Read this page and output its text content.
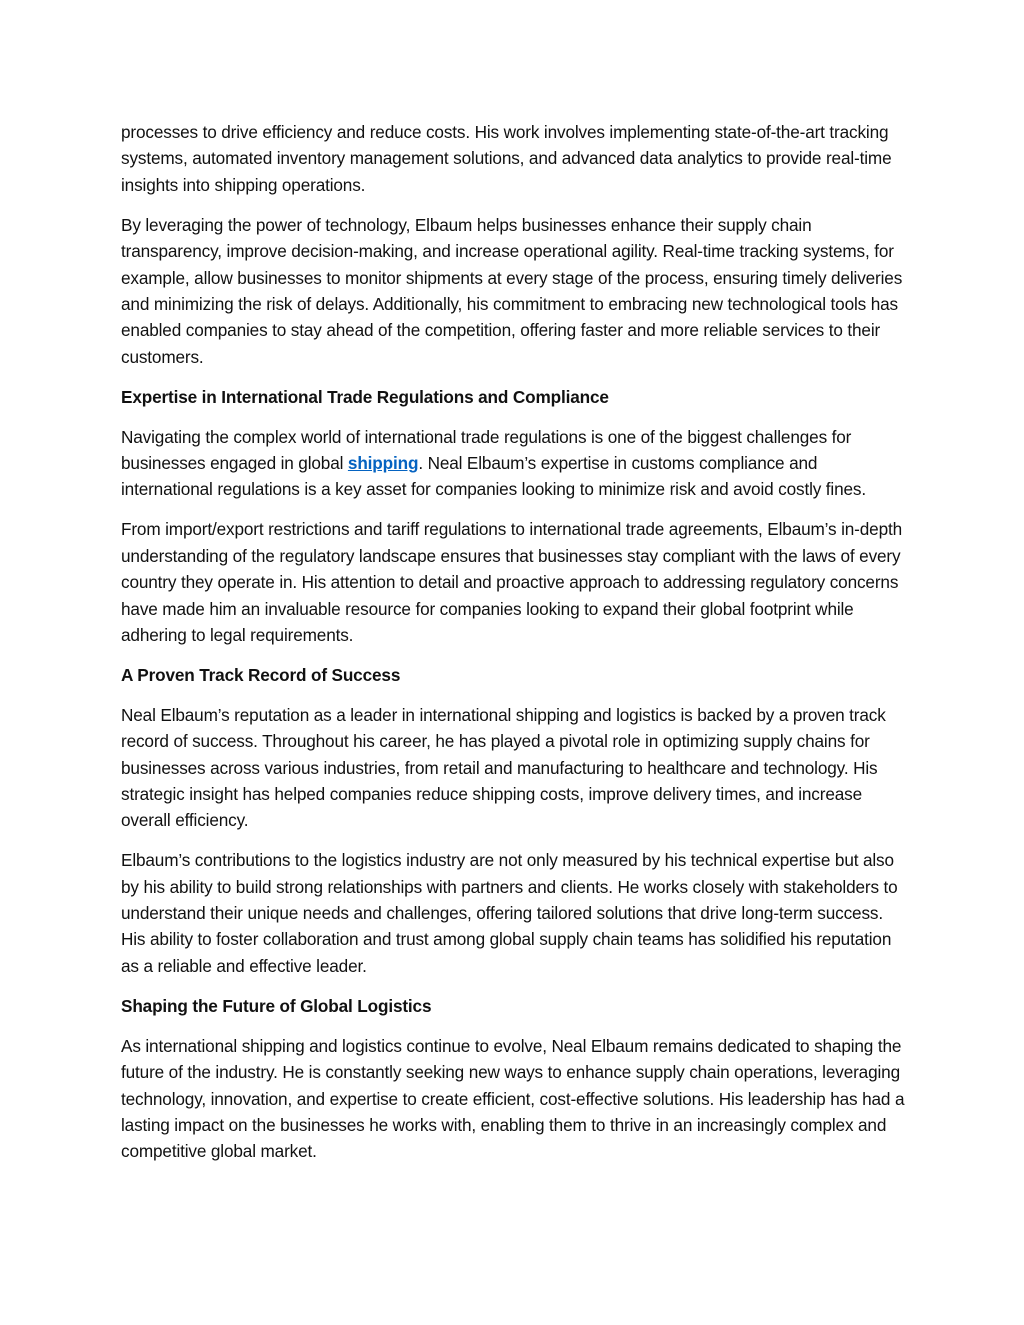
processes to drive efficiency and reduce costs. His work involves implementing state-of-the-art tracking systems, automated inventory management solutions, and advanced data analytics to provide real-time insights into shipping operations.

By leveraging the power of technology, Elbaum helps businesses enhance their supply chain transparency, improve decision-making, and increase operational agility. Real-time tracking systems, for example, allow businesses to monitor shipments at every stage of the process, ensuring timely deliveries and minimizing the risk of delays. Additionally, his commitment to embracing new technological tools has enabled companies to stay ahead of the competition, offering faster and more reliable services to their customers.

Expertise in International Trade Regulations and Compliance

Navigating the complex world of international trade regulations is one of the biggest challenges for businesses engaged in global shipping. Neal Elbaum’s expertise in customs compliance and international regulations is a key asset for companies looking to minimize risk and avoid costly fines.

From import/export restrictions and tariff regulations to international trade agreements, Elbaum’s in-depth understanding of the regulatory landscape ensures that businesses stay compliant with the laws of every country they operate in. His attention to detail and proactive approach to addressing regulatory concerns have made him an invaluable resource for companies looking to expand their global footprint while adhering to legal requirements.

A Proven Track Record of Success

Neal Elbaum’s reputation as a leader in international shipping and logistics is backed by a proven track record of success. Throughout his career, he has played a pivotal role in optimizing supply chains for businesses across various industries, from retail and manufacturing to healthcare and technology. His strategic insight has helped companies reduce shipping costs, improve delivery times, and increase overall efficiency.

Elbaum’s contributions to the logistics industry are not only measured by his technical expertise but also by his ability to build strong relationships with partners and clients. He works closely with stakeholders to understand their unique needs and challenges, offering tailored solutions that drive long-term success. His ability to foster collaboration and trust among global supply chain teams has solidified his reputation as a reliable and effective leader.

Shaping the Future of Global Logistics

As international shipping and logistics continue to evolve, Neal Elbaum remains dedicated to shaping the future of the industry. He is constantly seeking new ways to enhance supply chain operations, leveraging technology, innovation, and expertise to create efficient, cost-effective solutions. His leadership has had a lasting impact on the businesses he works with, enabling them to thrive in an increasingly complex and competitive global market.
